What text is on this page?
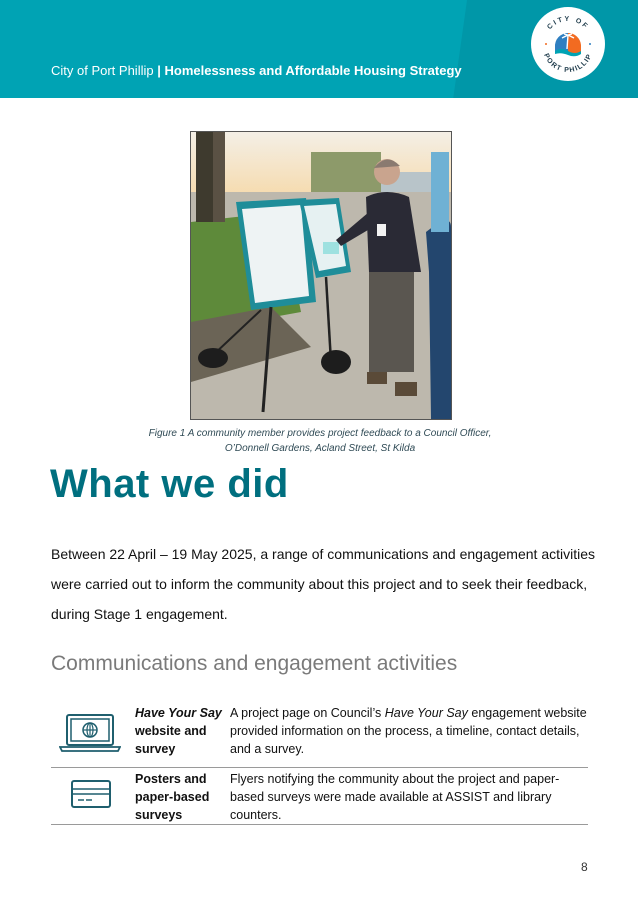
City of Port Phillip | Homelessness and Affordable Housing Strategy
CITY OF
PORT PHILLIP
Figure 1 A community member provides project feedback to a Council Officer,
O’Donnell Gardens, Acland Street, St Kilda
What we did
Between 22 April – 19 May 2025, a range of communications and engagement activities were carried out to inform the community about this project and to seek their feedback, during Stage 1 engagement.
Communications and engagement activities
Have Your Say website and survey
A project page on Council’s Have Your Say engagement website provided information on the process, a timeline, contact details, and a survey.
Posters and paper-based surveys
Flyers notifying the community about the project and paper-based surveys were made available at ASSIST and library counters.
8
